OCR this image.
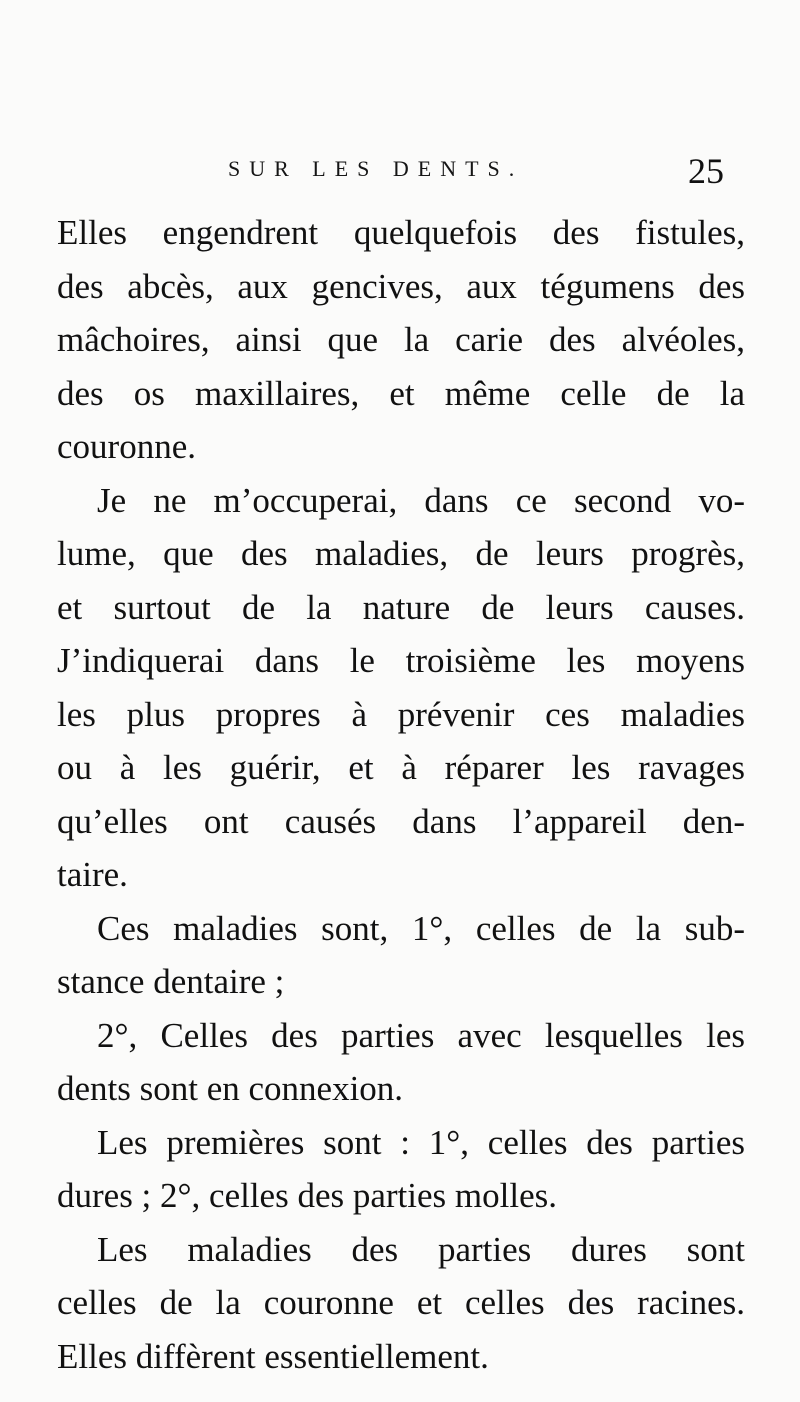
SUR LES DENTS.	25
Elles engendrent quelquefois des fistules,
des abcès, aux gencives, aux tégumens des
mâchoires, ainsi que la carie des alvéoles,
des os maxillaires, et même celle de la
couronne.
Je ne m’occuperai, dans ce second vo-
lume, que des maladies, de leurs progrès,
et surtout de la nature de leurs causes.
J’indiquerai dans le troisième les moyens
les plus propres à prévenir ces maladies
ou à les guérir, et à réparer les ravages
qu’elles ont causés dans l’appareil den-
taire.
Ces maladies sont, 1°, celles de la sub-
stance dentaire ;
2°, Celles des parties avec lesquelles les
dents sont en connexion.
Les premières sont : 1°, celles des parties
dures ; 2°, celles des parties molles.
Les maladies des parties dures sont
celles de la couronne et celles des racines.
Elles diffèrent essentiellement.
